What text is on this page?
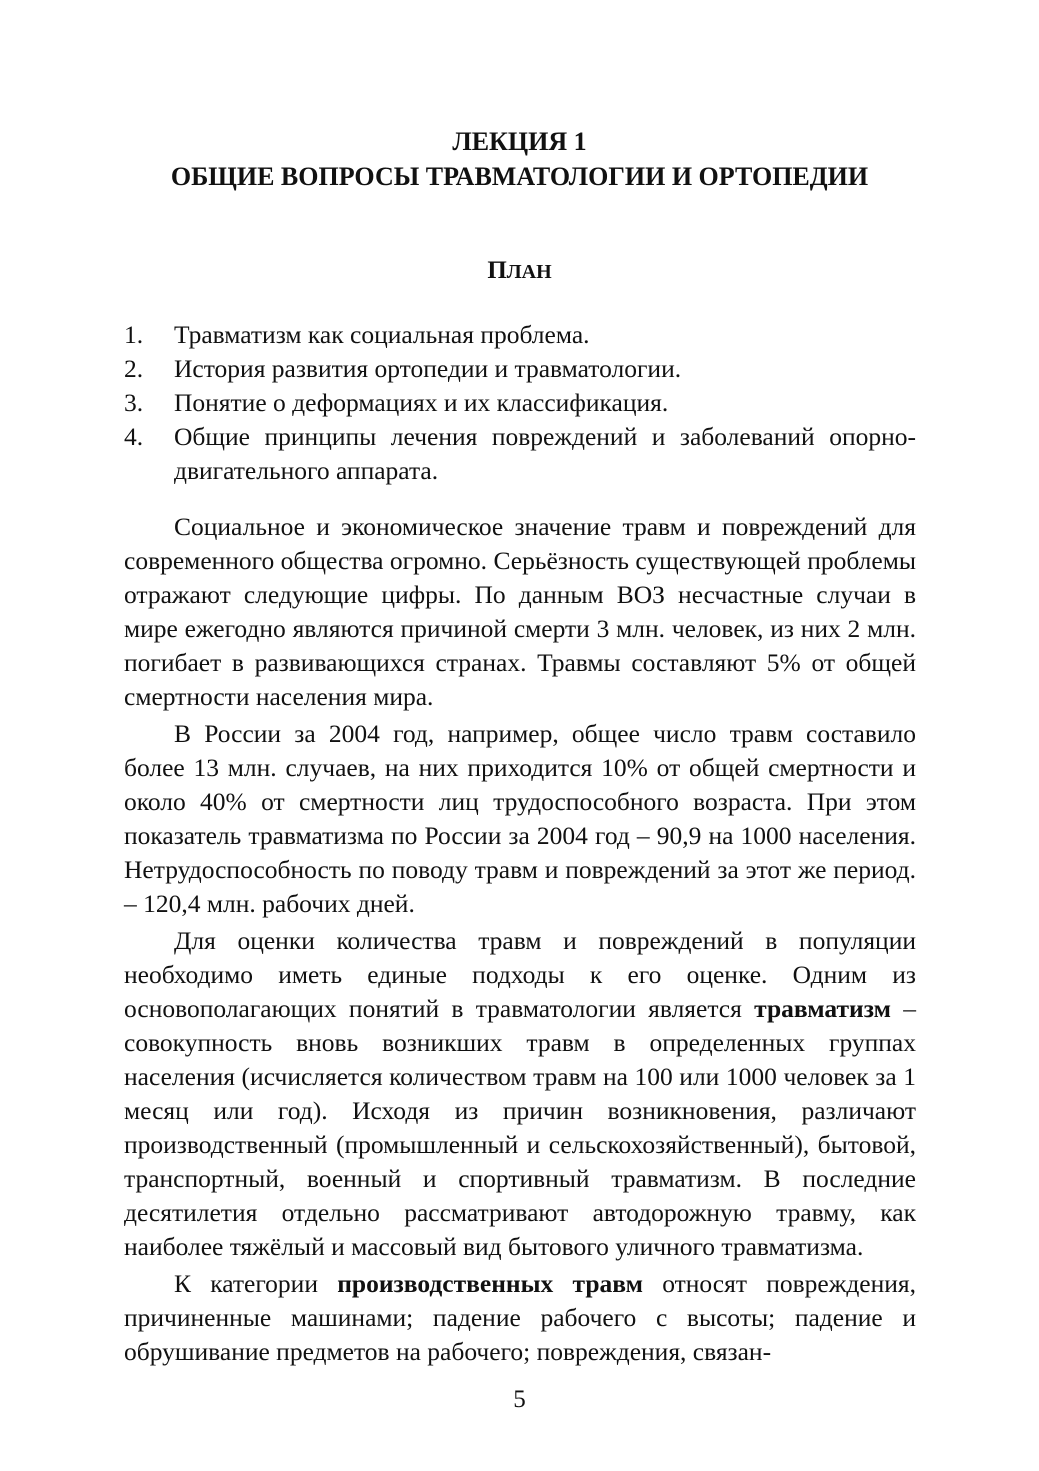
ЛЕКЦИЯ 1
ОБЩИЕ ВОПРОСЫ ТРАВМАТОЛОГИИ И ОРТОПЕДИИ
ПЛАН
1.	Травматизм как социальная проблема.
2.	История развития ортопедии и травматологии.
3.	Понятие о деформациях и их классификация.
4.	Общие принципы лечения повреждений и заболеваний опорно-двигательного аппарата.

Социальное и экономическое значение травм и повреждений для современного общества огромно. Серьёзность существующей проблемы отражают следующие цифры. По данным ВОЗ несчастные случаи в мире ежегодно являются причиной смерти 3 млн. человек, из них 2 млн. погибает в развивающихся странах. Травмы составляют 5% от общей смертности населения мира.

В России за 2004 год, например, общее число травм составило более 13 млн. случаев, на них приходится 10% от общей смертности и около 40% от смертности лиц трудоспособного возраста. При этом показатель травматизма по России за 2004 год – 90,9 на 1000 населения. Нетрудоспособность по поводу травм и повреждений за этот же период. – 120,4 млн. рабочих дней.

Для оценки количества травм и повреждений в популяции необходимо иметь единые подходы к его оценке. Одним из основополагающих понятий в травматологии является травматизм – совокупность вновь возникших травм в определенных группах населения (исчисляется количеством травм на 100 или 1000 человек за 1 месяц или год). Исходя из причин возникновения, различают производственный (промышленный и сельскохозяйственный), бытовой, транспортный, военный и спортивный травматизм. В последние десятилетия отдельно рассматривают автодорожную травму, как наиболее тяжёлый и массовый вид бытового уличного травматизма.

К категории производственных травм относят повреждения, причиненные машинами; падение рабочего с высоты; падение и обрушивание предметов на рабочего; повреждения, связан-

5
